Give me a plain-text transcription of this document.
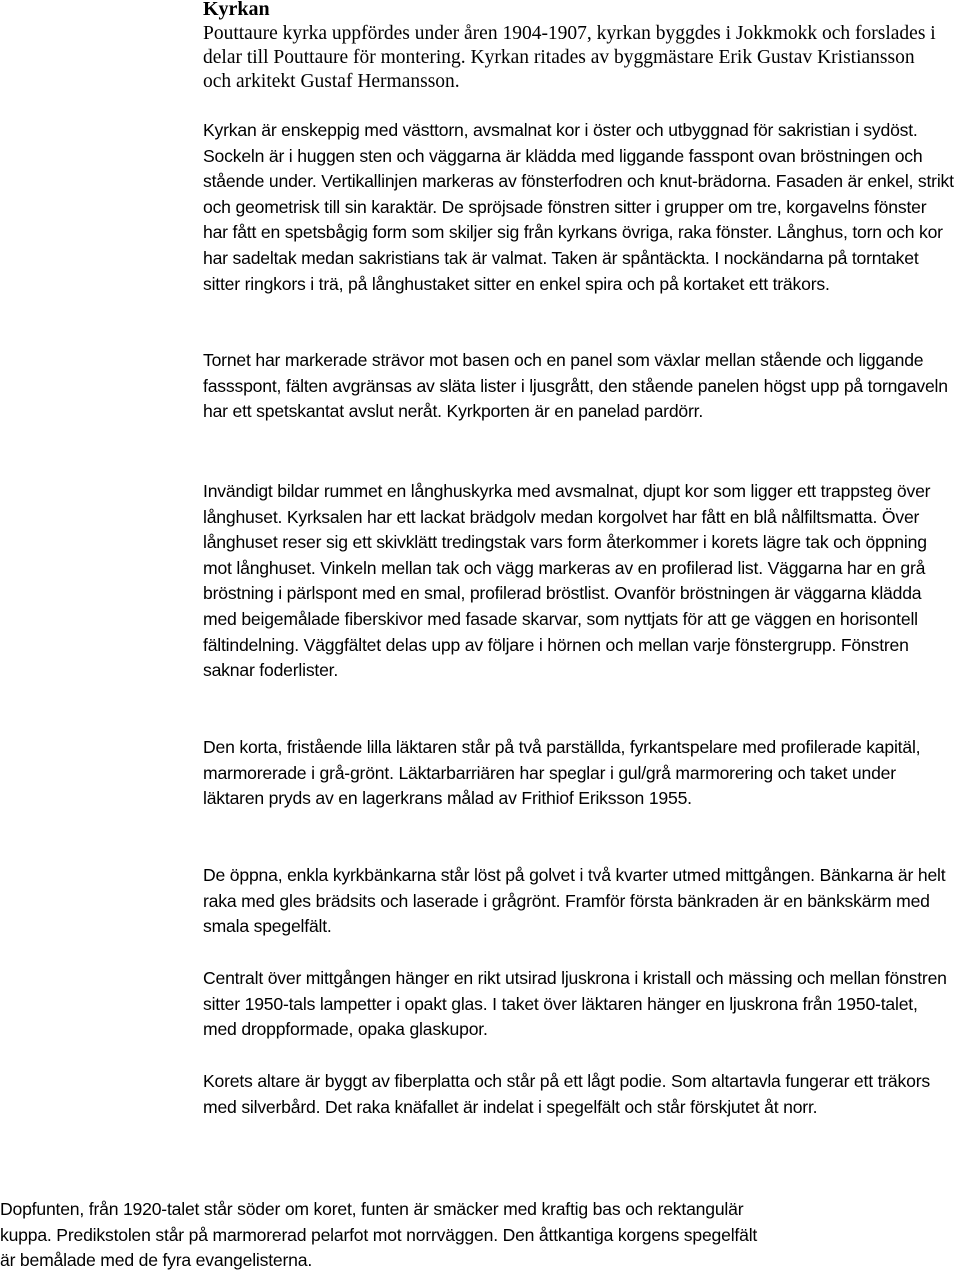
Kyrkan

Pouttaure kyrka uppfördes under åren 1904-1907, kyrkan byggdes i Jokkmokk och forslades i delar till Pouttaure för montering. Kyrkan ritades av byggmästare Erik Gustav Kristiansson och arkitekt Gustaf Hermansson.

Kyrkan är enskeppig med västtorn, avsmalnat kor i öster och utbyggnad för sakristian i sydöst. Sockeln är i huggen sten och väggarna är klädda med liggande fasspont ovan bröstningen och stående under. Vertikallinjen markeras av fönsterfodren och knut-brädorna. Fasaden är enkel, strikt och geometrisk till sin karaktär. De spröjsade fönstren sitter i grupper om tre, korgavelns fönster har fått en spetsbågig form som skiljer sig från kyrkans övriga, raka fönster. Långhus, torn och kor har sadeltak medan sakristians tak är valmat. Taken är spåntäckta. I nockändarna på torntaket sitter ringkors i trä, på långhustaket sitter en enkel spira och på kortaket ett träkors.

Tornet har markerade strävor mot basen och en panel som växlar mellan stående och liggande fassspont, fälten avgränsas av släta lister i ljusgrått, den stående panelen högst upp på torngaveln har ett spetskantat avslut neråt. Kyrkporten är en panelad pardörr.

Invändigt bildar rummet en långhuskyrka med avsmalnat, djupt kor som ligger ett trappsteg över långhuset. Kyrksalen har ett lackat brädgolv medan korgolvet har fått en blå nålfiltsmatta. Över långhuset reser sig ett skivklätt tredingstak vars form återkommer i korets lägre tak och öppning mot långhuset. Vinkeln mellan tak och vägg markeras av en profilerad list. Väggarna har en grå bröstning i pärlspont med en smal, profilerad bröstlist. Ovanför bröstningen är väggarna klädda med beigemålade fiberskivor med fasade skarvar, som nyttjats för att ge väggen en horisontell fältindelning. Väggfältet delas upp av följare i hörnen och mellan varje fönstergrupp. Fönstren saknar foderlister.

Den korta, fristående lilla läktaren står på två parställda, fyrkantspelare med profilerade kapitäl, marmorerade i grå-grönt. Läktarbarriären har speglar i gul/grå marmorering och taket under läktaren pryds av en lagerkrans målad av Frithiof Eriksson 1955.

De öppna, enkla kyrkbänkarna står löst på golvet i två kvarter utmed mittgången. Bänkarna är helt raka med gles brädsits och laserade i grågrönt. Framför första bänkraden är en bänkskärm med smala spegelfält.

Centralt över mittgången hänger en rikt utsirad ljuskrona i kristall och mässing och mellan fönstren sitter 1950-tals lampetter i opakt glas. I taket över läktaren hänger en ljuskrona från 1950-talet, med droppformade, opaka glaskupor.

Korets altare är byggt av fiberplatta och står på ett lågt podie. Som altartavla fungerar ett träkors med silverbård. Det raka knäfallet är indelat i spegelfält och står förskjutet åt norr.

Dopfunten, från 1920-talet står söder om koret, funten är smäcker med kraftig bas och rektangulär kuppa. Predikstolen står på marmorerad pelarfot mot norrväggen. Den åttkantiga korgens spegelfält är bemålade med de fyra evangelisterna.
